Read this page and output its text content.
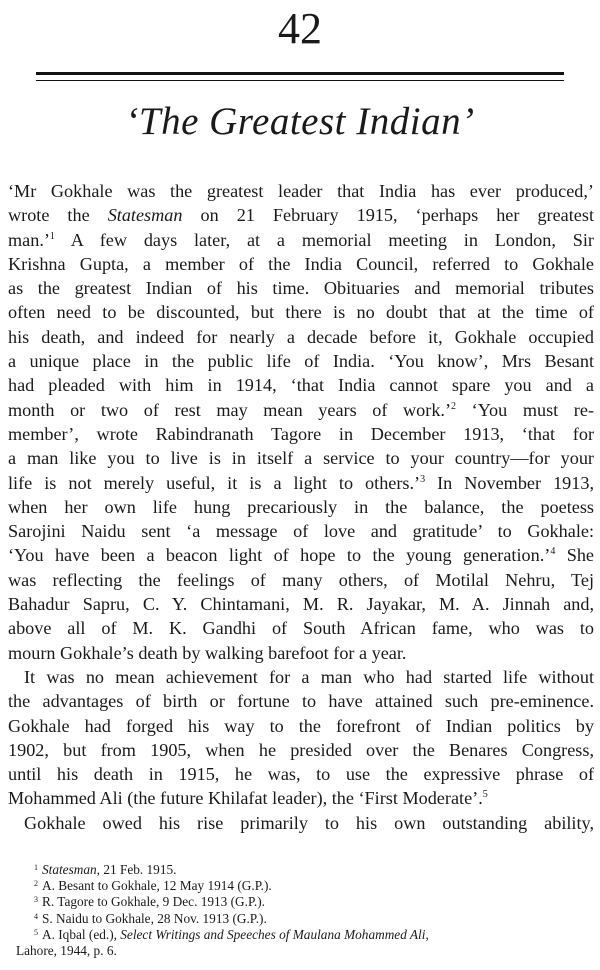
42
‘The Greatest Indian’
‘Mr Gokhale was the greatest leader that India has ever produced,’
wrote the Statesman on 21 February 1915, ‘perhaps her greatest
man.’$^1$ A few days later, at a memorial meeting in London, Sir
Krishna Gupta, a member of the India Council, referred to Gokhale
as the greatest Indian of his time. Obituaries and memorial tributes
often need to be discounted, but there is no doubt that at the time of
his death, and indeed for nearly a decade before it, Gokhale occupied
a unique place in the public life of India. ‘You know’, Mrs Besant
had pleaded with him in 1914, ‘that India cannot spare you and a
month or two of rest may mean years of work.’$^2$ ‘You must re-
member’, wrote Rabindranath Tagore in December 1913, ‘that for
a man like you to live is in itself a service to your country—for your
life is not merely useful, it is a light to others.’$^3$ In November 1913,
when her own life hung precariously in the balance, the poetess
Sarojini Naidu sent ‘a message of love and gratitude’ to Gokhale:
‘You have been a beacon light of hope to the young generation.’$^4$ She
was reflecting the feelings of many others, of Motilal Nehru, Tej
Bahadur Sapru, C. Y. Chintamani, M. R. Jayakar, M. A. Jinnah and,
above all of M. K. Gandhi of South African fame, who was to
mourn Gokhale’s death by walking barefoot for a year.
It was no mean achievement for a man who had started life without
the advantages of birth or fortune to have attained such pre-eminence.
Gokhale had forged his way to the forefront of Indian politics by
1902, but from 1905, when he presided over the Benares Congress,
until his death in 1915, he was, to use the expressive phrase of
Mohammed Ali (the future Khilafat leader), the ‘First Moderate’.$^5$
Gokhale owed his rise primarily to his own outstanding ability,
$^1$ Statesman, 21 Feb. 1915.
$^2$ A. Besant to Gokhale, 12 May 1914 (G.P.).
$^3$ R. Tagore to Gokhale, 9 Dec. 1913 (G.P.).
$^4$ S. Naidu to Gokhale, 28 Nov. 1913 (G.P.).
$^5$ A. Iqbal (ed.), Select Writings and Speeches of Maulana Mohammed Ali,
Lahore, 1944, p. 6.
